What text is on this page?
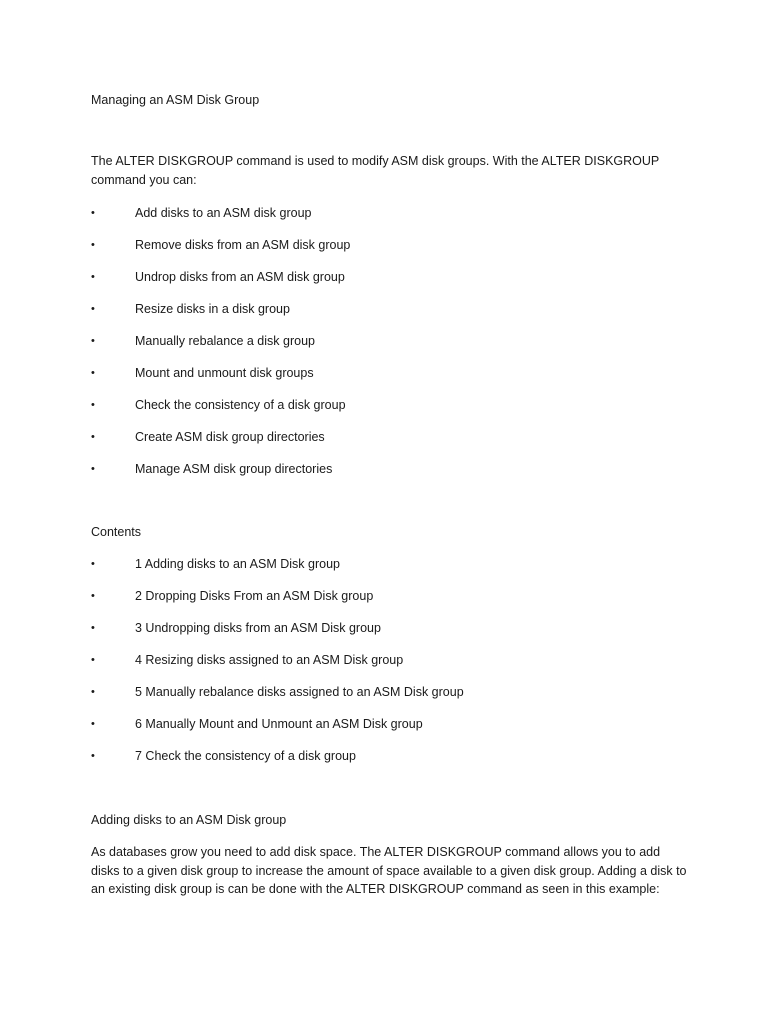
Managing an ASM Disk Group
The ALTER DISKGROUP command is used to modify ASM disk groups. With the ALTER DISKGROUP command you can:
•	Add disks to an ASM disk group
•	Remove disks from an ASM disk group
•	Undrop disks from an ASM disk group
•	Resize disks in a disk group
•	Manually rebalance a disk group
•	Mount and unmount disk groups
•	Check the consistency of a disk group
•	Create ASM disk group directories
•	Manage ASM disk group directories
Contents
•	1 Adding disks to an ASM Disk group
•	2 Dropping Disks From an ASM Disk group
•	3 Undropping disks from an ASM Disk group
•	4 Resizing disks assigned to an ASM Disk group
•	5 Manually rebalance disks assigned to an ASM Disk group
•	6 Manually Mount and Unmount an ASM Disk group
•	7 Check the consistency of a disk group
Adding disks to an ASM Disk group
As databases grow you need to add disk space. The ALTER DISKGROUP command allows you to add disks to a given disk group to increase the amount of space available to a given disk group. Adding a disk to an existing disk group is can be done with the ALTER DISKGROUP command as seen in this example:
